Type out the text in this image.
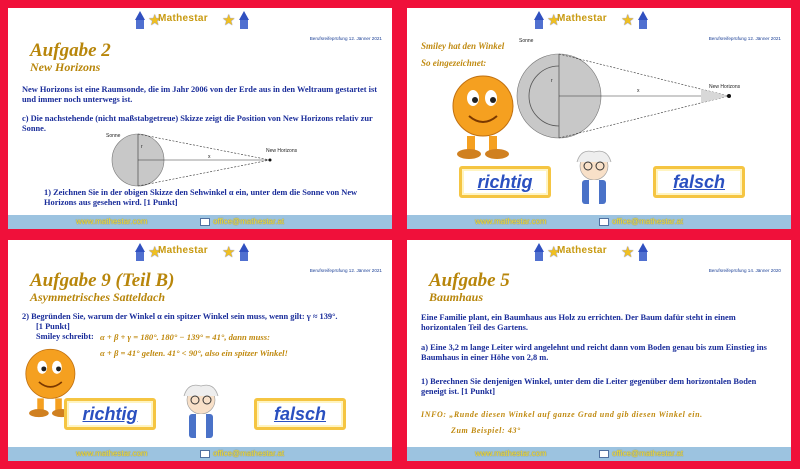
★
Mathestar ★
Berufsreifeprüfung 12. Jänner 2021
Aufgabe 2
New Horizons
New Horizons ist eine Raumsonde, die im Jahr 2006 von der Erde aus in den Weltraum gestartet ist und immer noch unterwegs ist.
c) Die nachstehende (nicht maßstabgetreue) Skizze zeigt die Position von New Horizons relativ zur Sonne.
Sonne
New Horizons
x
r
1) Zeichnen Sie in der obigen Skizze den Sehwinkel α ein, unter dem die Sonne von New Horizons aus gesehen wird. [1 Punkt]
www.mathestar.com	office@mathestar.at
★
Mathestar ★
Berufsreifeprüfung 12. Jänner 2021
Smiley hat den Winkel
So eingezeichnet:
Sonne
New Horizons
x
r
richtig	falsch
www.mathestar.com	office@mathestar.at
★
Mathestar ★
Berufsreifeprüfung 12. Jänner 2021
Aufgabe 9 (Teil B)
Asymmetrisches Satteldach
2) Begründen Sie, warum der Winkel α ein spitzer Winkel sein muss, wenn gilt: γ ≈ 139°.
[1 Punkt]
Smiley schreibt: α + β + γ = 180°. 180° − 139° = 41°, dann muss:
α + β = 41° gelten. 41° < 90°, also ein spitzer Winkel!
richtig	falsch
www.mathestar.com	office@mathestar.at
★
Mathestar ★
Berufsreifeprüfung 14. Jänner 2020
Aufgabe 5
Baumhaus
Eine Familie plant, ein Baumhaus aus Holz zu errichten. Der Baum dafür steht in einem horizontalen Teil des Gartens.
a) Eine 3,2 m lange Leiter wird angelehnt und reicht dann vom Boden genau bis zum Einstieg ins Baumhaus in einer Höhe von 2,8 m.
1) Berechnen Sie denjenigen Winkel, unter dem die Leiter gegenüber dem horizontalen Boden geneigt ist. [1 Punkt]
INFO: „Runde diesen Winkel auf ganze Grad und gib diesen Winkel ein.
Zum Beispiel: 43°
www.mathestar.com	office@mathestar.at
